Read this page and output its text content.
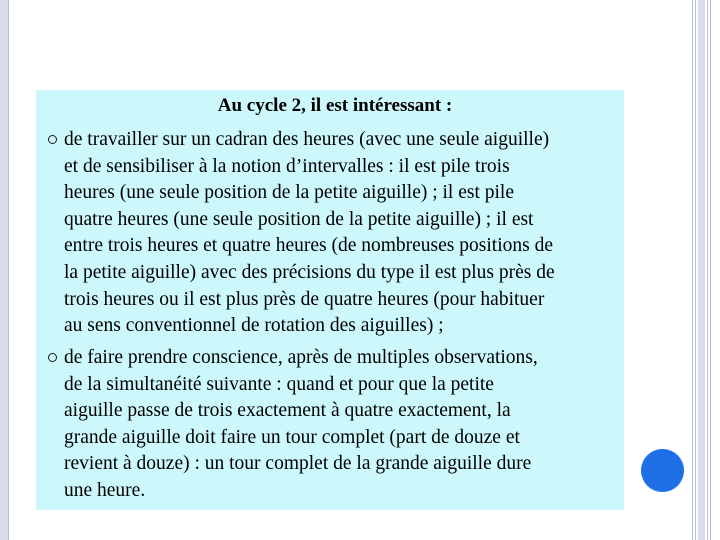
Au cycle 2, il est intéressant :
de travailler sur un cadran des heures (avec une seule aiguille)
et de sensibiliser à la notion d’intervalles : il est pile trois
heures (une seule position de la petite aiguille) ; il est pile
quatre heures (une seule position de la petite aiguille) ; il est
entre trois heures et quatre heures (de nombreuses positions de
la petite aiguille) avec des précisions du type il est plus près de
trois heures ou il est plus près de quatre heures (pour habituer
au sens conventionnel de rotation des aiguilles) ;
de faire prendre conscience, après de multiples observations,
de la simultanéité suivante : quand et pour que la petite
aiguille passe de trois exactement à quatre exactement, la
grande aiguille doit faire un tour complet (part de douze et
revient à douze) : un tour complet de la grande aiguille dure
une heure.
